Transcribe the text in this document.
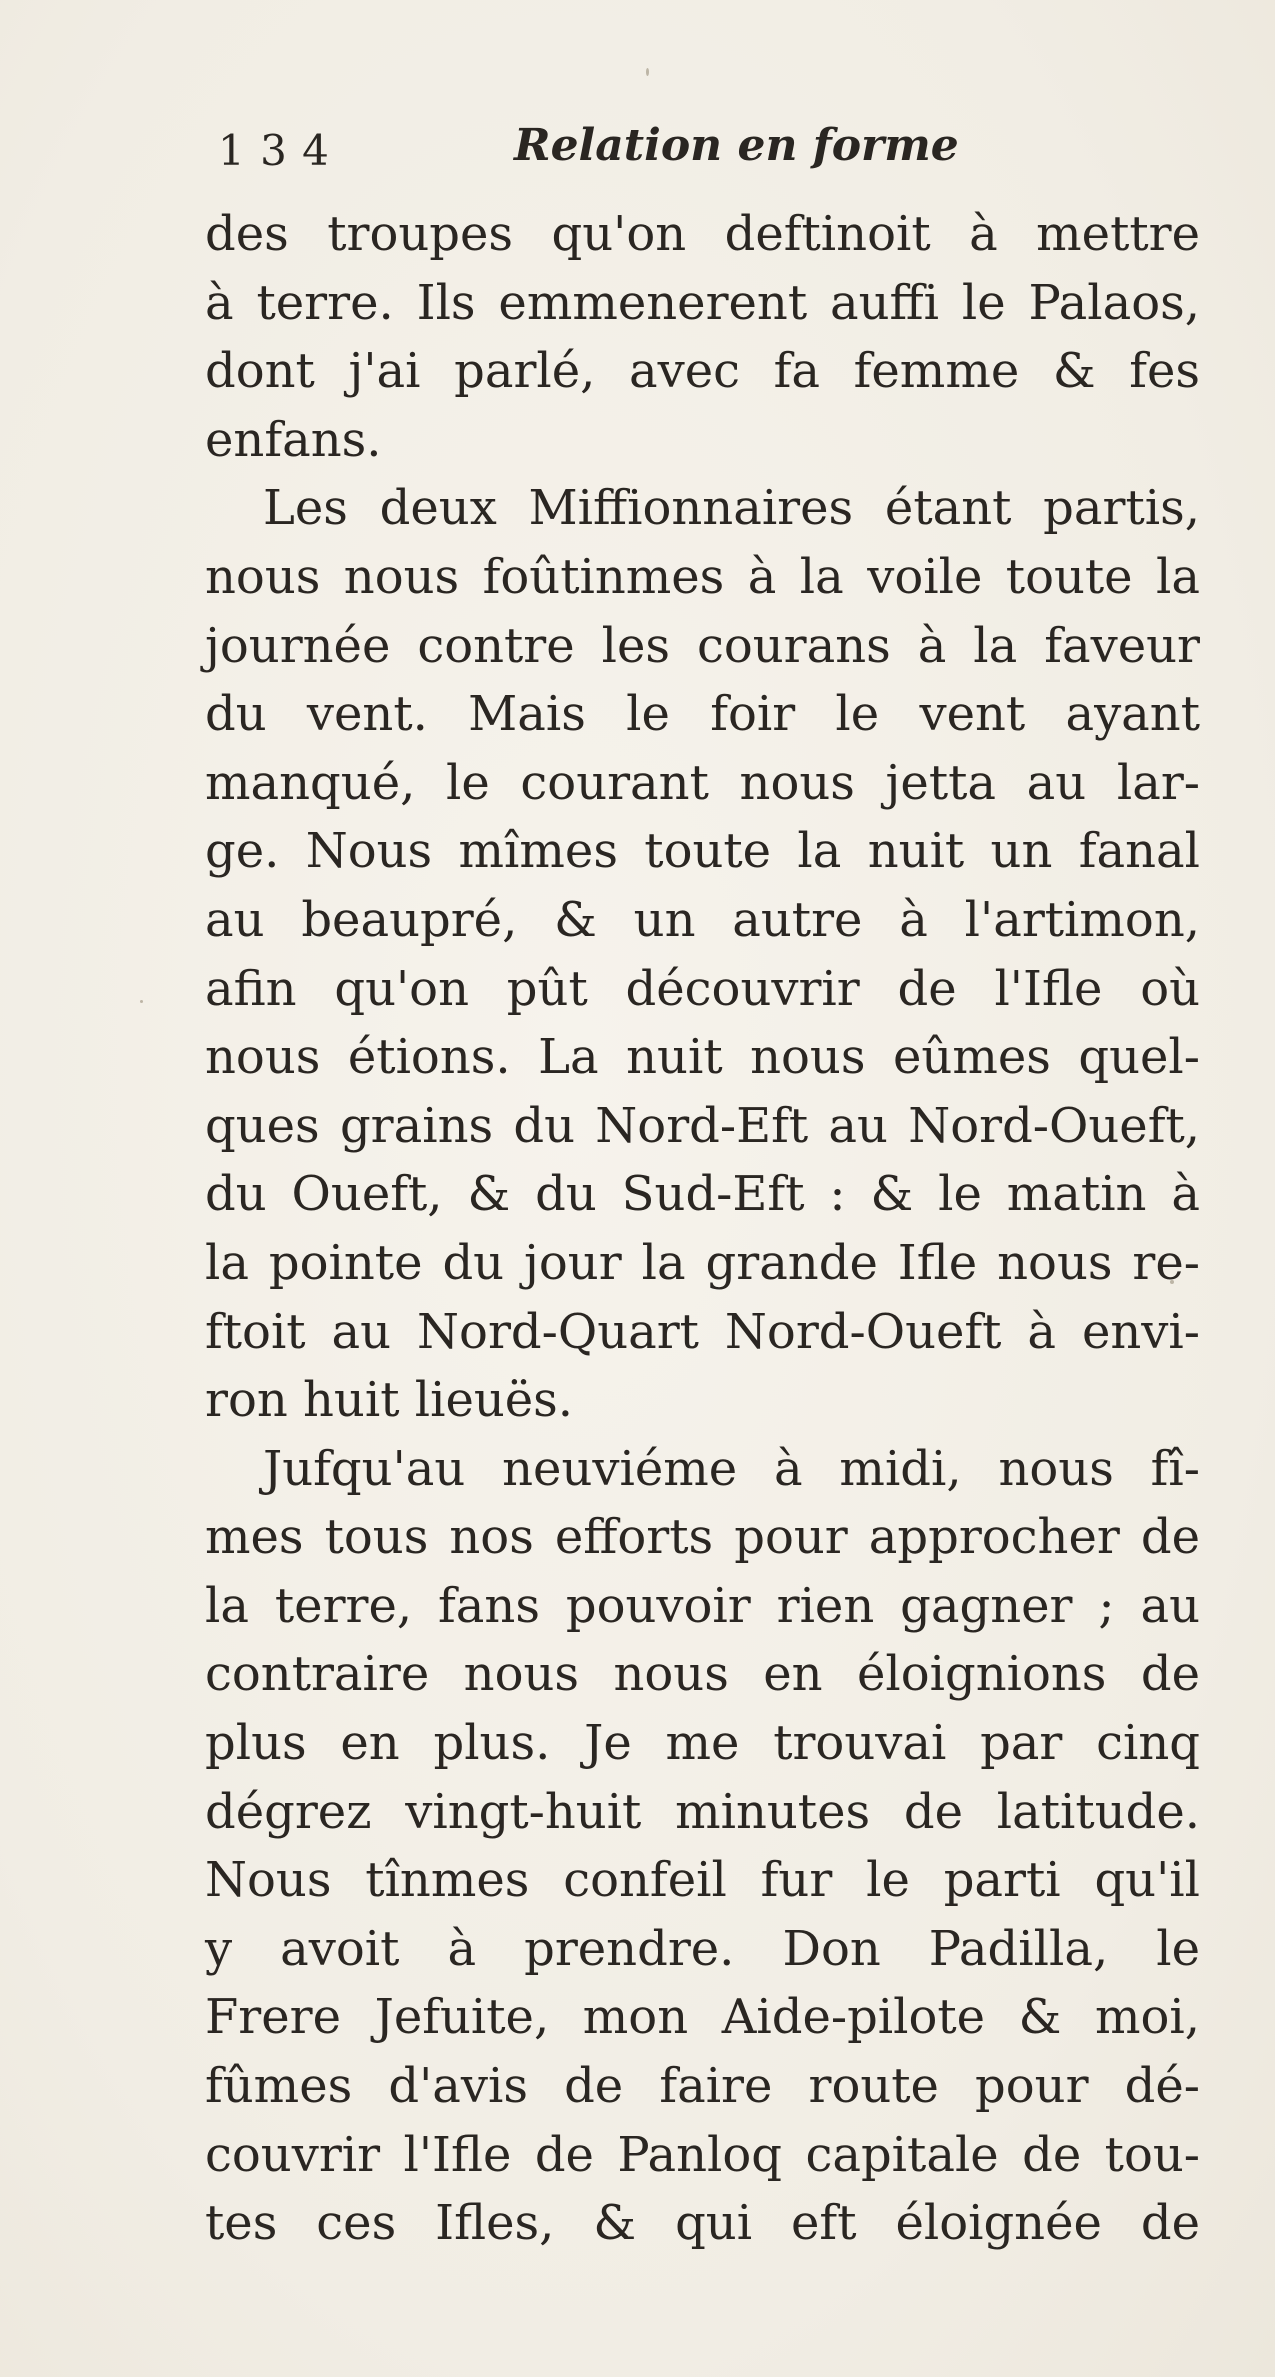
1 3 4	Relation en forme
des troupes qu'on deftinoit à mettre
à terre. Ils emmenerent auffi le Palaos,
dont j'ai parlé, avec fa femme & fes
enfans.
Les deux Miffionnaires étant partis,
nous nous foûtinmes à la voile toute la
journée contre les courans à la faveur
du vent. Mais le foir le vent ayant
manqué, le courant nous jetta au lar-
ge. Nous mîmes toute la nuit un fanal
au beaupré, & un autre à l'artimon,
afin qu'on pût découvrir de l'Ifle où
nous étions. La nuit nous eûmes quel-
ques grains du Nord-Eft au Nord-Oueft,
du Oueft, & du Sud-Eft : & le matin à
la pointe du jour la grande Ifle nous re-
ftoit au Nord-Quart Nord-Oueft à envi-
ron huit lieuës.
Jufqu'au neuviéme à midi, nous fî-
mes tous nos efforts pour approcher de
la terre, fans pouvoir rien gagner ; au
contraire nous nous en éloignions de
plus en plus. Je me trouvai par cinq
dégrez vingt-huit minutes de latitude.
Nous tînmes confeil fur le parti qu'il
y avoit à prendre. Don Padilla, le
Frere Jefuite, mon Aide-pilote & moi,
fûmes d'avis de faire route pour dé-
couvrir l'Ifle de Panloq capitale de tou-
tes ces Ifles, & qui eft éloignée de
